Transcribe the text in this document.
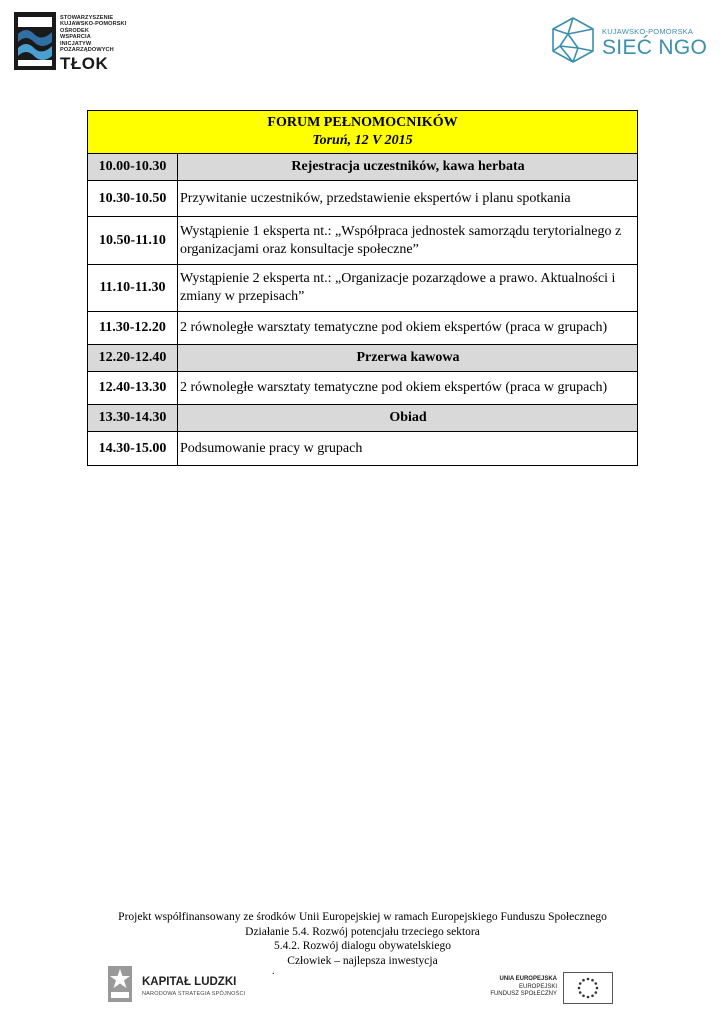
STOWARZYSZENIE
KUJAWSKO-POMORSKI
OŚRODEK
WSPARCIA
INICJATYW
POZARZĄDOWYCH
TŁOK
KUJAWSKO-POMORSKA
SIEĆ NGO
FORUM PEŁNOMOCNIKÓW
Toruń, 12 V 2015	

10.00-10.30	Rejestracja uczestników, kawa herbata
10.30-10.50	Przywitanie uczestników, przedstawienie ekspertów i planu spotkania
10.50-11.10	Wystąpienie 1 eksperta nt.: „Współpraca jednostek samorządu terytorialnego z organizacjami oraz konsultacje społeczne”
11.10-11.30	Wystąpienie 2 eksperta nt.: „Organizacje pozarządowe a prawo. Aktualności i zmiany w przepisach”
11.30-12.20	2 równoległe warsztaty tematyczne pod okiem ekspertów (praca w grupach)
12.20-12.40	Przerwa kawowa
12.40-13.30	2 równoległe warsztaty tematyczne pod okiem ekspertów (praca w grupach)
13.30-14.30	Obiad
14.30-15.00	Podsumowanie pracy w grupach
Projekt współfinansowany ze środków Unii Europejskiej w ramach Europejskiego Funduszu Społecznego
Działanie 5.4. Rozwój potencjału trzeciego sektora
5.4.2. Rozwój dialogu obywatelskiego
Człowiek – najlepsza inwestycja
.
KAPITAŁ LUDZKI
NARODOWA STRATEGIA SPÓJNOŚCI
UNIA EUROPEJSKA
EUROPEJSKI
FUNDUSZ SPOŁECZNY
